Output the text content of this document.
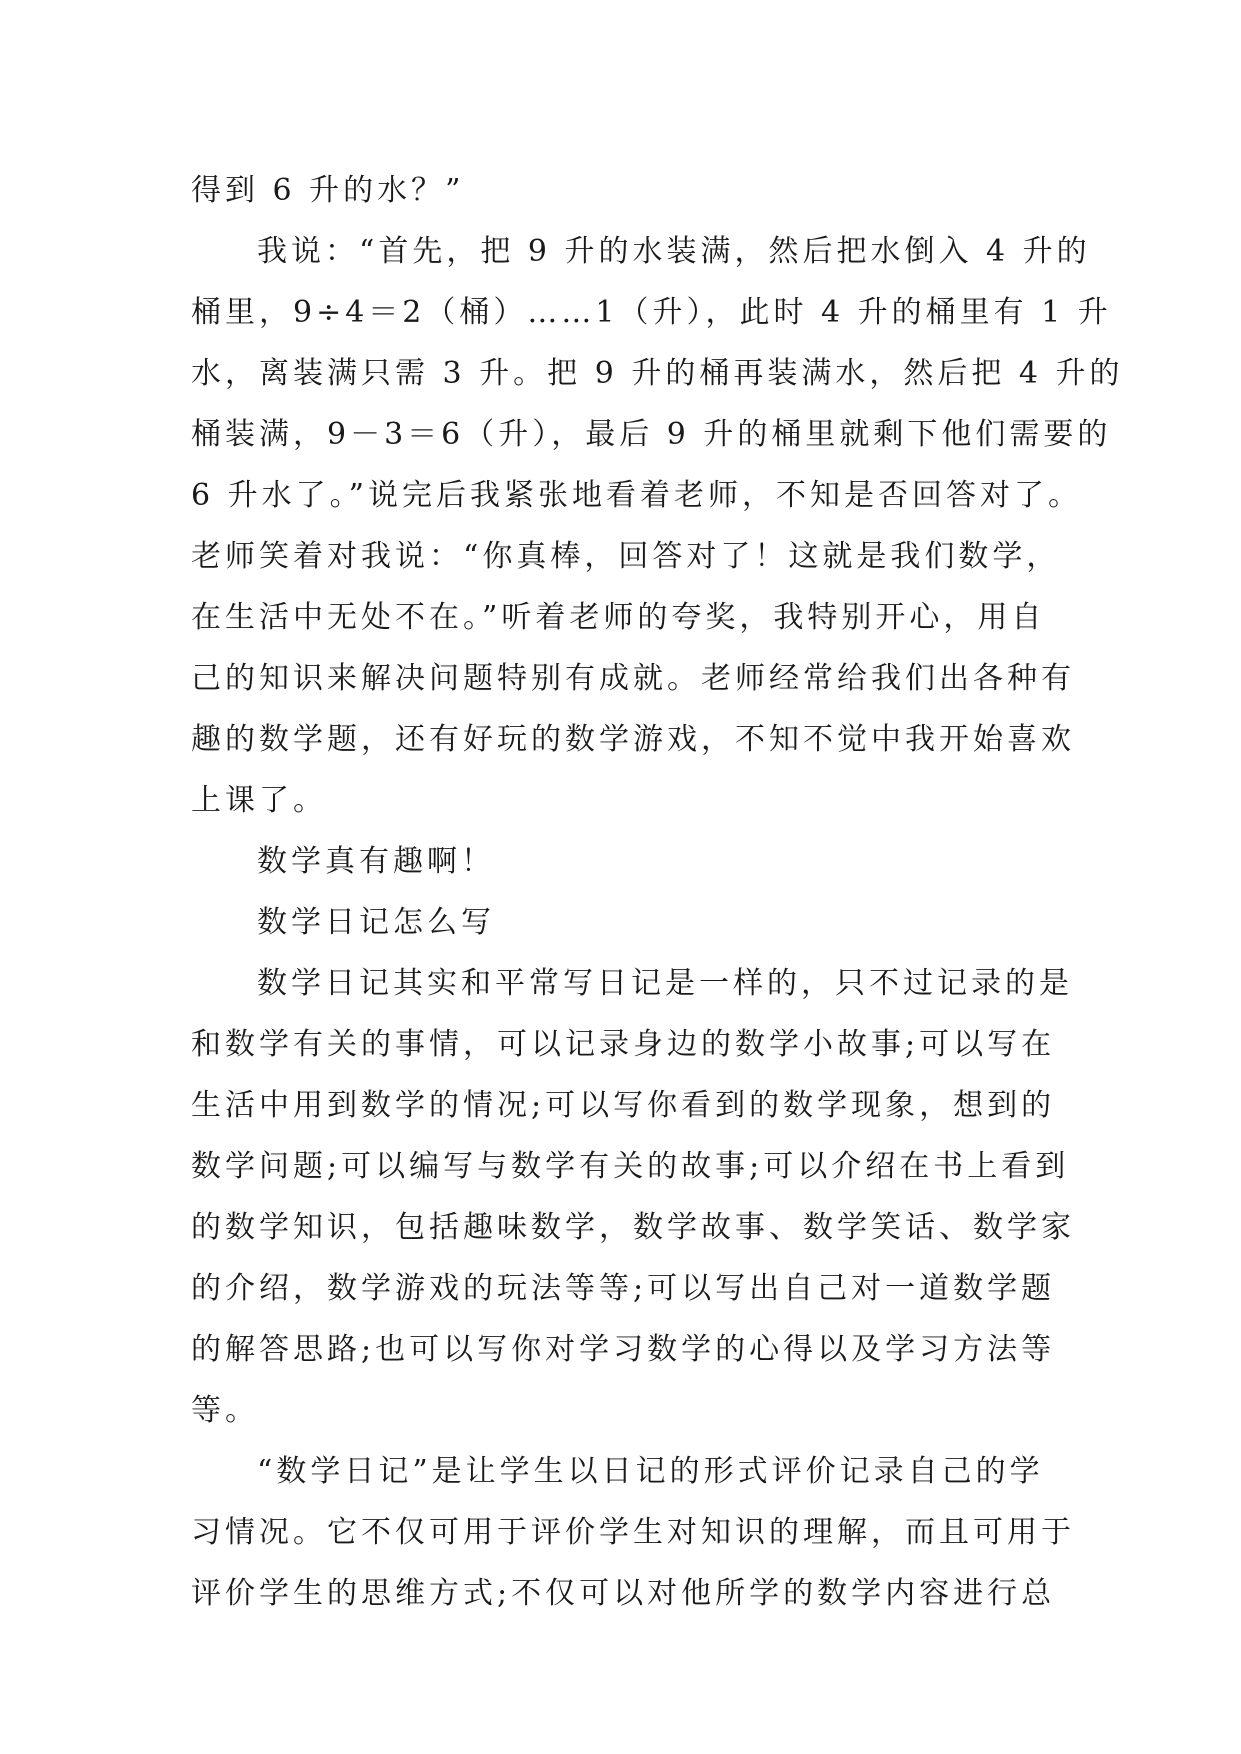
得到 6 升的水？”

我说：“首先，把 9 升的水装满，然后把水倒入 4 升的
桶里，9÷4＝2（桶）……1（升），此时 4 升的桶里有 1 升
水，离装满只需 3 升。把 9 升的桶再装满水，然后把 4 升的
桶装满，9－3＝6（升），最后 9 升的桶里就剩下他们需要的
6 升水了。”说完后我紧张地看着老师，不知是否回答对了。
老师笑着对我说：“你真棒，回答对了！这就是我们数学，
在生活中无处不在。”听着老师的夸奖，我特别开心，用自
己的知识来解决问题特别有成就。老师经常给我们出各种有
趣的数学题，还有好玩的数学游戏，不知不觉中我开始喜欢
上课了。

数学真有趣啊！

数学日记怎么写

数学日记其实和平常写日记是一样的，只不过记录的是
和数学有关的事情，可以记录身边的数学小故事;可以写在
生活中用到数学的情况;可以写你看到的数学现象，想到的
数学问题;可以编写与数学有关的故事;可以介绍在书上看到
的数学知识，包括趣味数学，数学故事、数学笑话、数学家
的介绍，数学游戏的玩法等等;可以写出自己对一道数学题
的解答思路;也可以写你对学习数学的心得以及学习方法等
等。

“数学日记”是让学生以日记的形式评价记录自己的学
习情况。它不仅可用于评价学生对知识的理解，而且可用于
评价学生的思维方式;不仅可以对他所学的数学内容进行总
